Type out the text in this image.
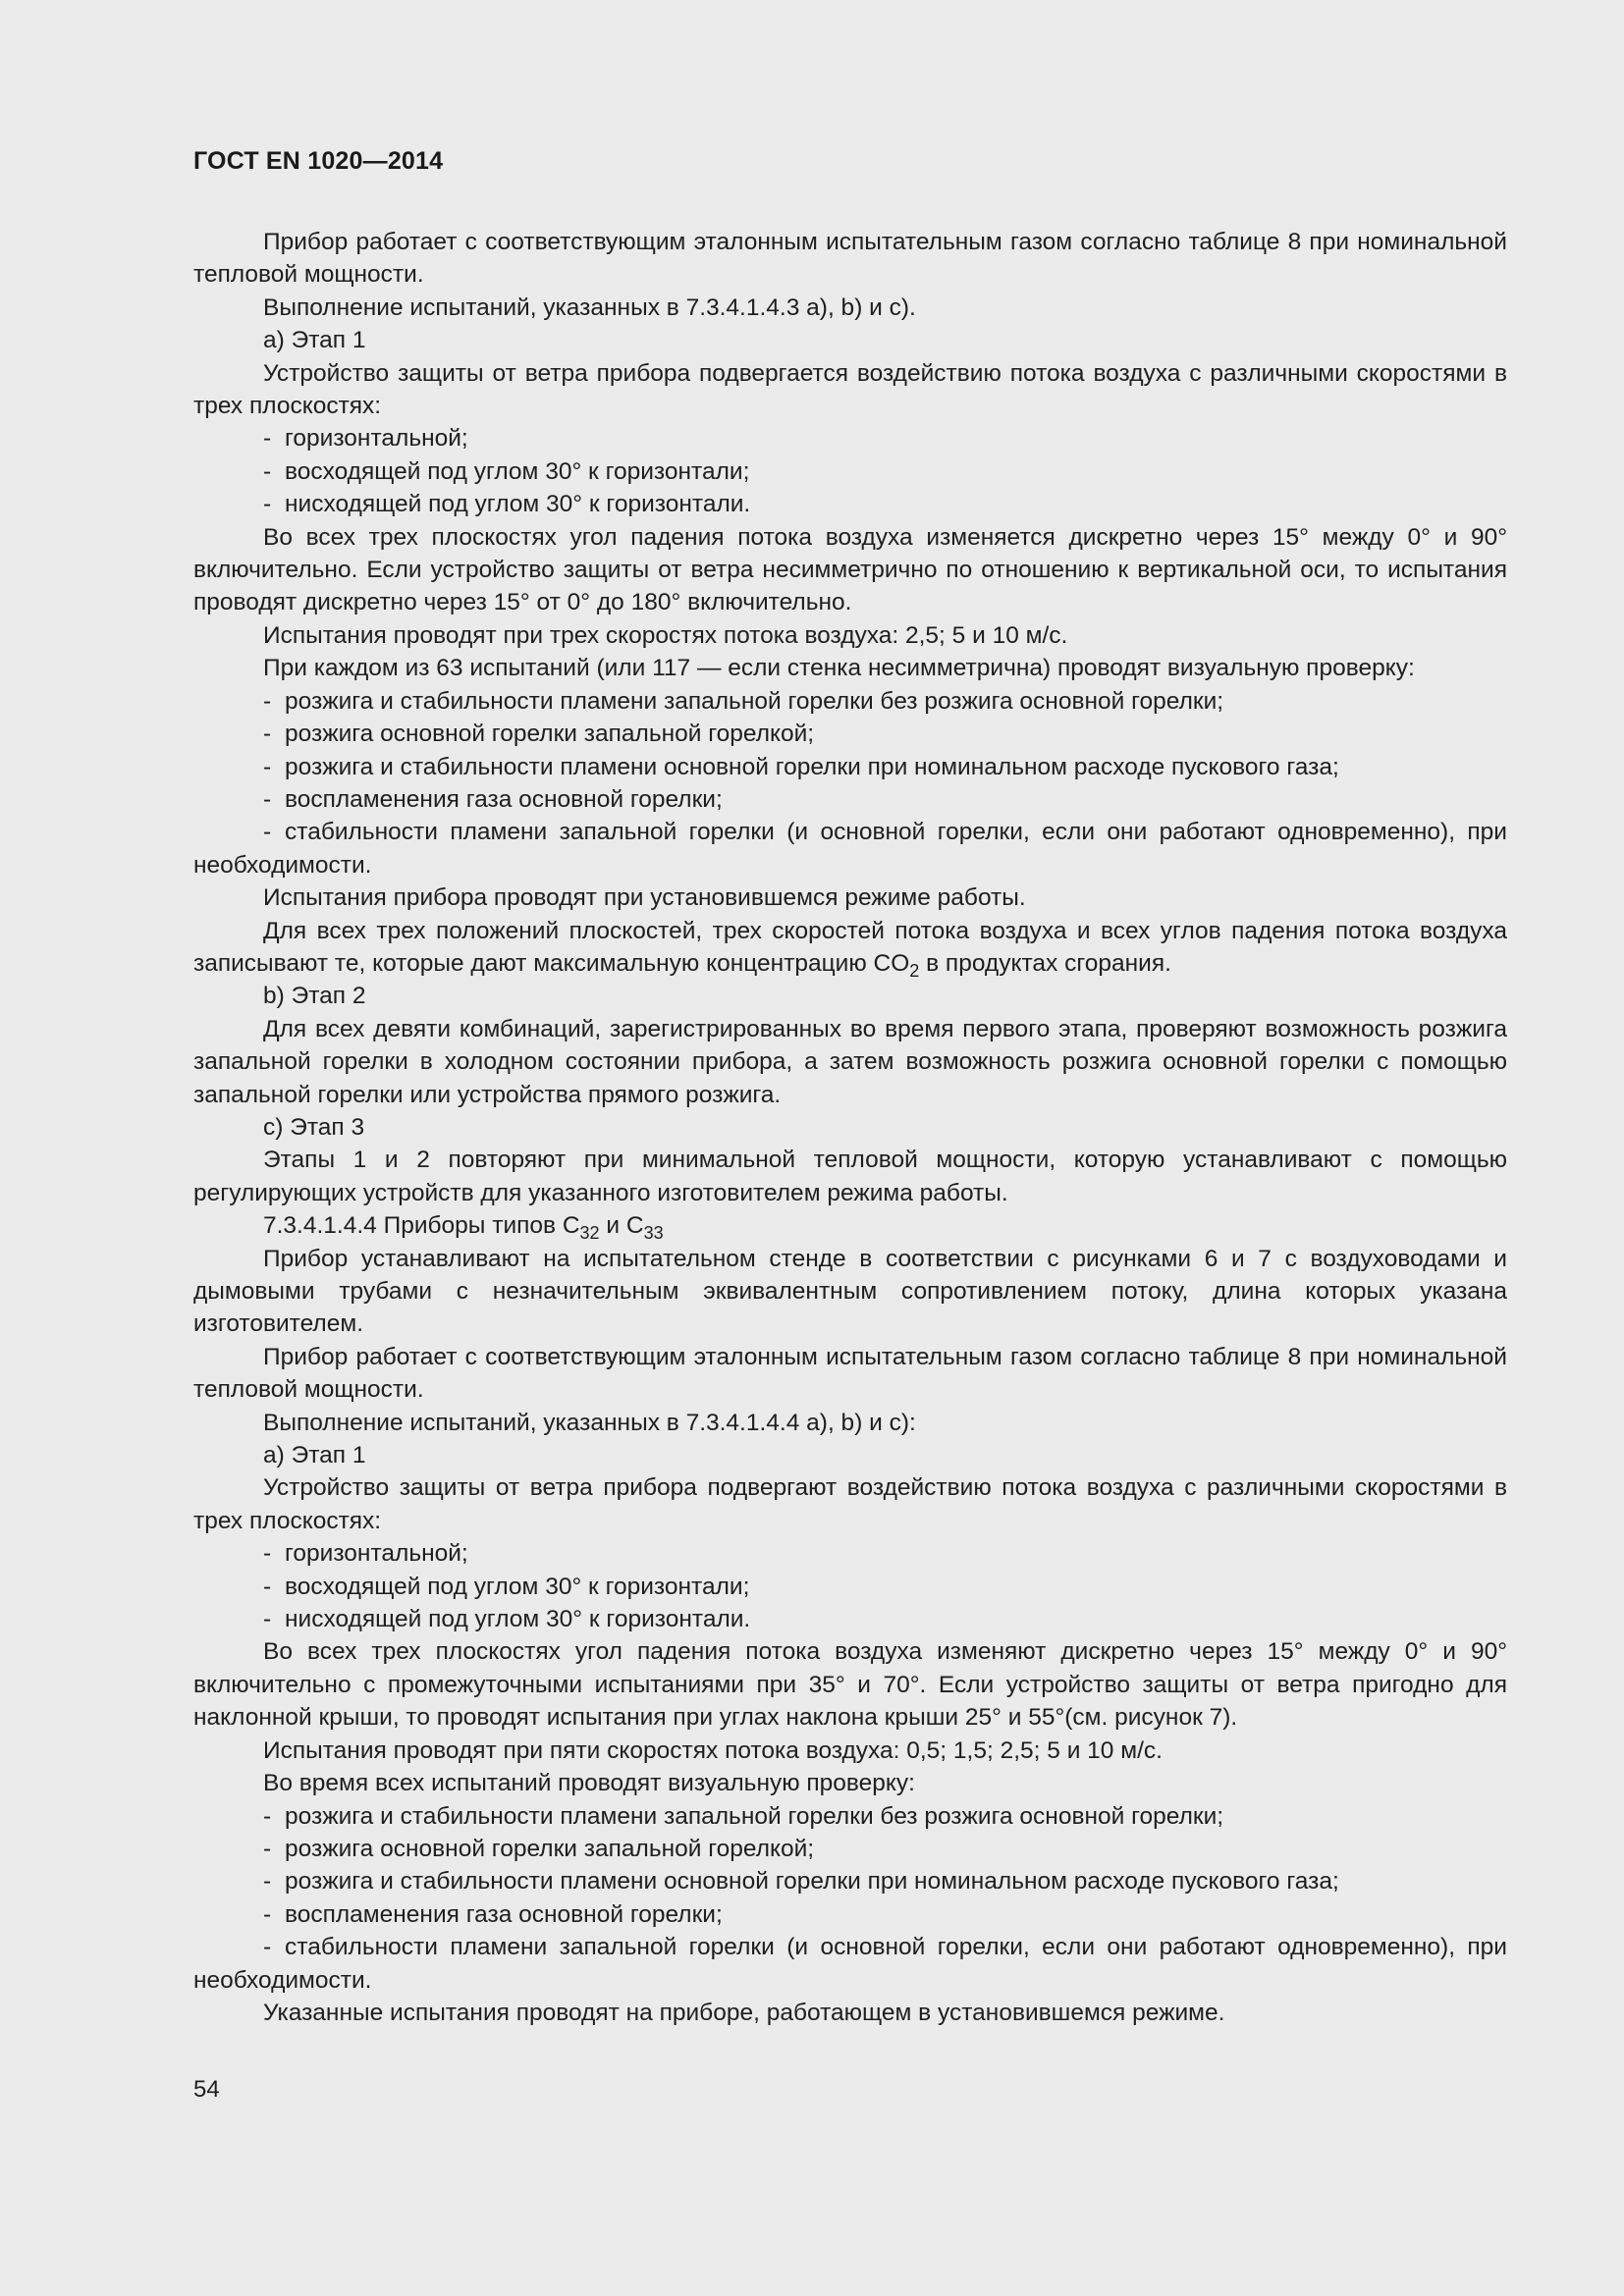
ГОСТ EN 1020—2014

Прибор работает с соответствующим эталонным испытательным газом согласно таблице 8 при номинальной тепловой мощности.

Выполнение испытаний, указанных в 7.3.4.1.4.3 a), b) и c).

a) Этап 1

Устройство защиты от ветра прибора подвергается воздействию потока воздуха с различными скоростями в трех плоскостях:

- горизонтальной;

- восходящей под углом 30° к горизонтали;

- нисходящей под углом 30° к горизонтали.

Во всех трех плоскостях угол падения потока воздуха изменяется дискретно через 15° между 0° и 90° включительно. Если устройство защиты от ветра несимметрично по отношению к вертикальной оси, то испытания проводят дискретно через 15° от 0° до 180° включительно.

Испытания проводят при трех скоростях потока воздуха: 2,5; 5 и 10 м/с.

При каждом из 63 испытаний (или 117 — если стенка несимметрична) проводят визуальную проверку:

- розжига и стабильности пламени запальной горелки без розжига основной горелки;

- розжига основной горелки запальной горелкой;

- розжига и стабильности пламени основной горелки при номинальном расходе пускового газа;

- воспламенения газа основной горелки;

- стабильности пламени запальной горелки (и основной горелки, если они работают одновременно), при необходимости.

Испытания прибора проводят при установившемся режиме работы.

Для всех трех положений плоскостей, трех скоростей потока воздуха и всех углов падения потока воздуха записывают те, которые дают максимальную концентрацию $CO_2$ в продуктах сгорания.

b) Этап 2

Для всех девяти комбинаций, зарегистрированных во время первого этапа, проверяют возможность розжига запальной горелки в холодном состоянии прибора, а затем возможность розжига основной горелки с помощью запальной горелки или устройства прямого розжига.

c) Этап 3

Этапы 1 и 2 повторяют при минимальной тепловой мощности, которую устанавливают с помощью регулирующих устройств для указанного изготовителем режима работы.

7.3.4.1.4.4 Приборы типов $C_{32}$ и $C_{33}$

Прибор устанавливают на испытательном стенде в соответствии с рисунками 6 и 7 с воздуховодами и дымовыми трубами с незначительным эквивалентным сопротивлением потоку, длина которых указана изготовителем.

Прибор работает с соответствующим эталонным испытательным газом согласно таблице 8 при номинальной тепловой мощности.

Выполнение испытаний, указанных в 7.3.4.1.4.4 a), b) и c):

a) Этап 1

Устройство защиты от ветра прибора подвергают воздействию потока воздуха с различными скоростями в трех плоскостях:

- горизонтальной;

- восходящей под углом 30° к горизонтали;

- нисходящей под углом 30° к горизонтали.

Во всех трех плоскостях угол падения потока воздуха изменяют дискретно через 15° между 0° и 90° включительно с промежуточными испытаниями при 35° и 70°. Если устройство защиты от ветра пригодно для наклонной крыши, то проводят испытания при углах наклона крыши 25° и 55°(см. рисунок 7).

Испытания проводят при пяти скоростях потока воздуха: 0,5; 1,5; 2,5; 5 и 10 м/с.

Во время всех испытаний проводят визуальную проверку:

- розжига и стабильности пламени запальной горелки без розжига основной горелки;

- розжига основной горелки запальной горелкой;

- розжига и стабильности пламени основной горелки при номинальном расходе пускового газа;

- воспламенения газа основной горелки;

- стабильности пламени запальной горелки (и основной горелки, если они работают одновременно), при необходимости.

Указанные испытания проводят на приборе, работающем в установившемся режиме.

54
